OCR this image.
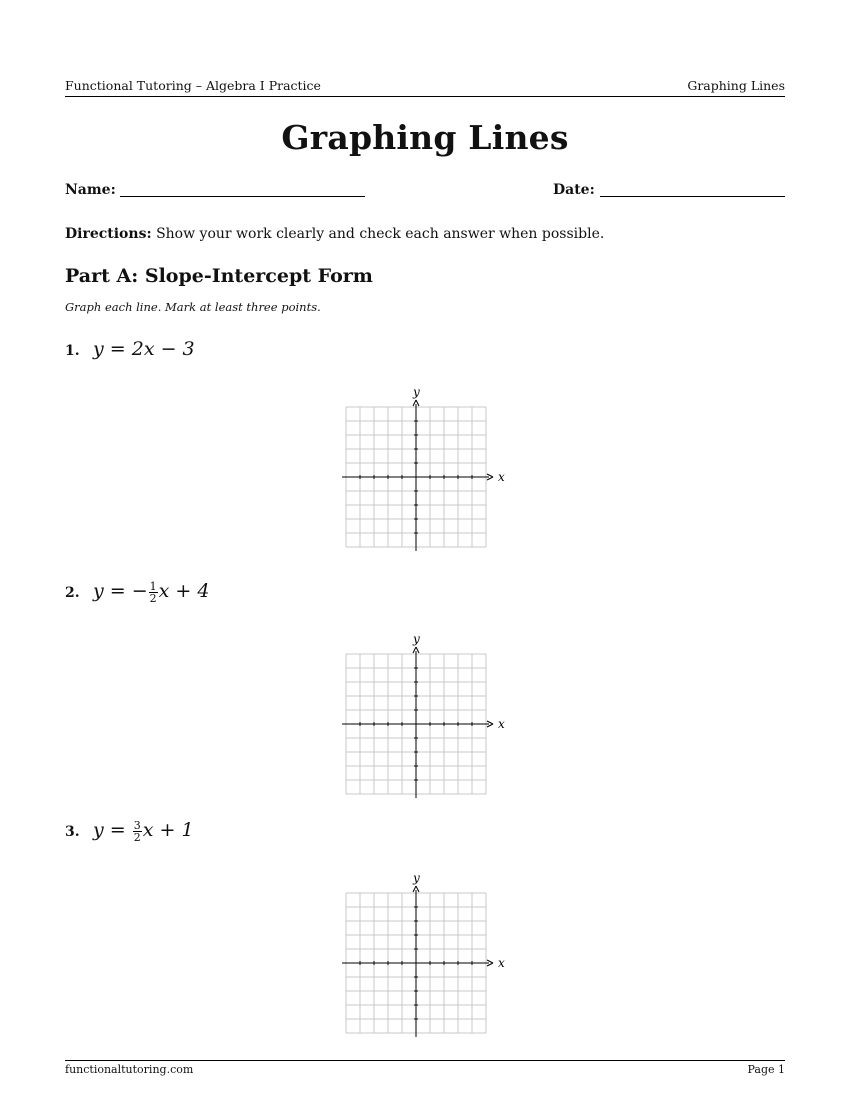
Functional Tutoring – Algebra I Practice	Graphing Lines
Graphing Lines
Name:	Date:
Directions: Show your work clearly and check each answer when possible.
Part A: Slope-Intercept Form
Graph each line. Mark at least three points.
1. y = 2x − 3
x
y
2. y = − $\frac{1}{2}$ x + 4
x
y
3. $y = \frac{3}{2}$ x + 1
x
y
functionaltutoring.com	Page 1
